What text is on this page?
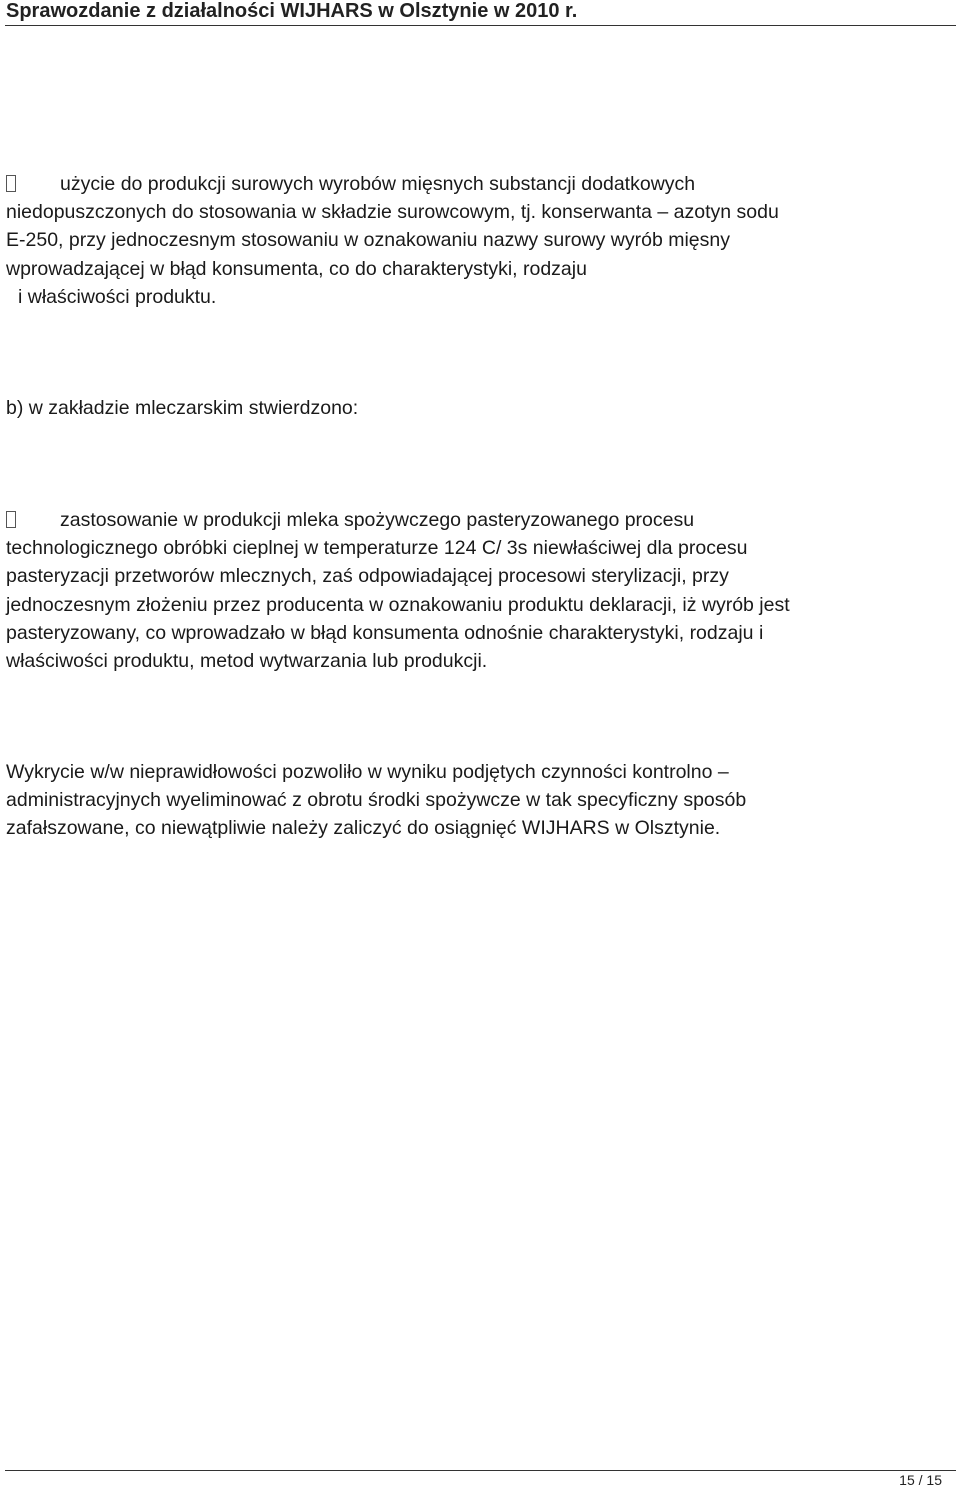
Sprawozdanie z działalności WIJHARS w Olsztynie w 2010 r.
użycie do produkcji surowych wyrobów mięsnych substancji dodatkowych
niedopuszczonych do stosowania w składzie surowcowym, tj. konserwanta – azotyn sodu
E-250, przy jednoczesnym stosowaniu w oznakowaniu nazwy surowy wyrób mięsny
wprowadzającej w błąd konsumenta, co do charakterystyki, rodzaju
i właściwości produktu.
b) w zakładzie mleczarskim stwierdzono:
zastosowanie w produkcji mleka spożywczego pasteryzowanego procesu
technologicznego obróbki cieplnej w temperaturze 124 C/ 3s niewłaściwej dla procesu
pasteryzacji przetworów mlecznych, zaś odpowiadającej procesowi sterylizacji, przy
jednoczesnym złożeniu przez producenta w oznakowaniu produktu deklaracji, iż wyrób jest
pasteryzowany, co wprowadzało w błąd konsumenta odnośnie charakterystyki, rodzaju i
właściwości produktu, metod wytwarzania lub produkcji.
Wykrycie w/w nieprawidłowości pozwoliło w wyniku podjętych czynności kontrolno –
administracyjnych wyeliminować z obrotu środki spożywcze w tak specyficzny sposób
zafałszowane, co niewątpliwie należy zaliczyć do osiągnięć WIJHARS w Olsztynie.
15 / 15
